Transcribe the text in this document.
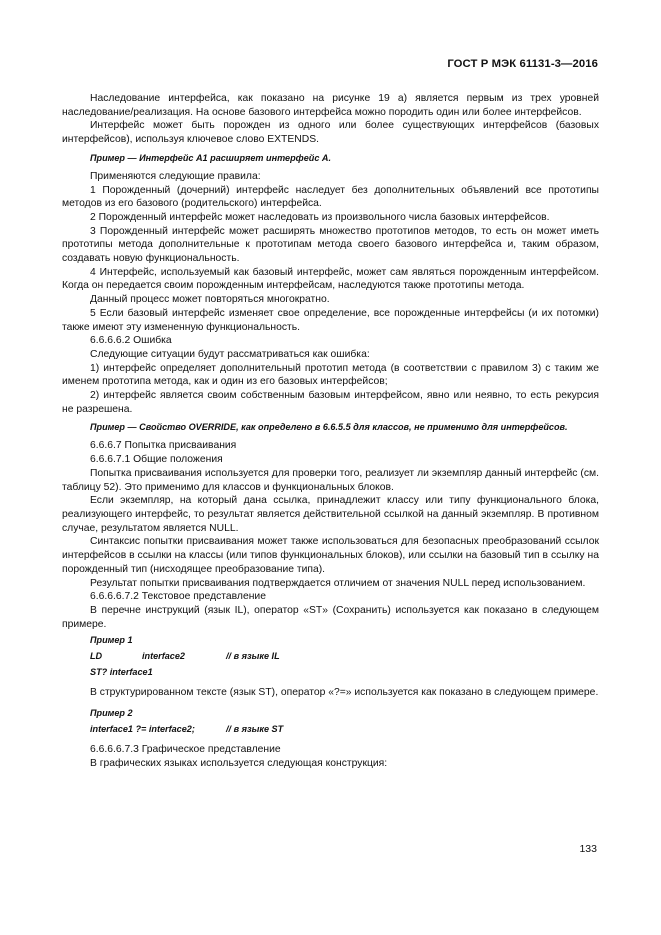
ГОСТ Р МЭК 61131-3—2016

Наследование интерфейса, как показано на рисунке 19 а) является первым из трех уровней наследование/реализация. На основе базового интерфейса можно породить один или более интерфейсов.

Интерфейс может быть порожден из одного или более существующих интерфейсов (базовых интерфейсов), используя ключевое слово EXTENDS.

Пример — Интерфейс А1 расширяет интерфейс А.

Применяются следующие правила:

1 Порожденный (дочерний) интерфейс наследует без дополнительных объявлений все прототипы методов из его базового (родительского) интерфейса.

2 Порожденный интерфейс может наследовать из произвольного числа базовых интерфейсов.

3 Порожденный интерфейс может расширять множество прототипов методов, то есть он может иметь прототипы метода дополнительные к прототипам метода своего базового интерфейса и, таким образом, создавать новую функциональность.

4 Интерфейс, используемый как базовый интерфейс, может сам являться порожденным интерфейсом. Когда он передается своим порожденным интерфейсам, наследуются также прототипы метода.

Данный процесс может повторяться многократно.

5 Если базовый интерфейс изменяет свое определение, все порожденные интерфейсы (и их потомки) также имеют эту измененную функциональность.

6.6.6.6.2 Ошибка

Следующие ситуации будут рассматриваться как ошибка:

1) интерфейс определяет дополнительный прототип метода (в соответствии с правилом 3) с таким же именем прототипа метода, как и один из его базовых интерфейсов;

2) интерфейс является своим собственным базовым интерфейсом, явно или неявно, то есть рекурсия не разрешена.

Пример — Свойство OVERRIDE, как определено в 6.6.5.5 для классов, не применимо для интерфейсов.

6.6.6.7 Попытка присваивания

6.6.6.7.1 Общие положения

Попытка присваивания используется для проверки того, реализует ли экземпляр данный интерфейс (см. таблицу 52). Это применимо для классов и функциональных блоков.

Если экземпляр, на который дана ссылка, принадлежит классу или типу функционального блока, реализующего интерфейс, то результат является действительной ссылкой на данный экземпляр. В противном случае, результатом является NULL.

Синтаксис попытки присваивания может также использоваться для безопасных преобразований ссылок интерфейсов в ссылки на классы (или типов функциональных блоков), или ссылки на базовый тип в ссылку на порожденный тип (нисходящее преобразование типа).

Результат попытки присваивания подтверждается отличием от значения NULL перед использованием.

6.6.6.6.7.2 Текстовое представление

В перечне инструкций (язык IL), оператор «ST» (Сохранить) используется как показано в следующем примере.

Пример 1

LD	interface2	// в языке IL
ST? interface1

В структурированном тексте (язык ST), оператор «?=» используется как показано в следующем примере.

Пример 2

interface1 ?= interface2;	// в языке ST

6.6.6.6.7.3 Графическое представление

В графических языках используется следующая конструкция:

133
